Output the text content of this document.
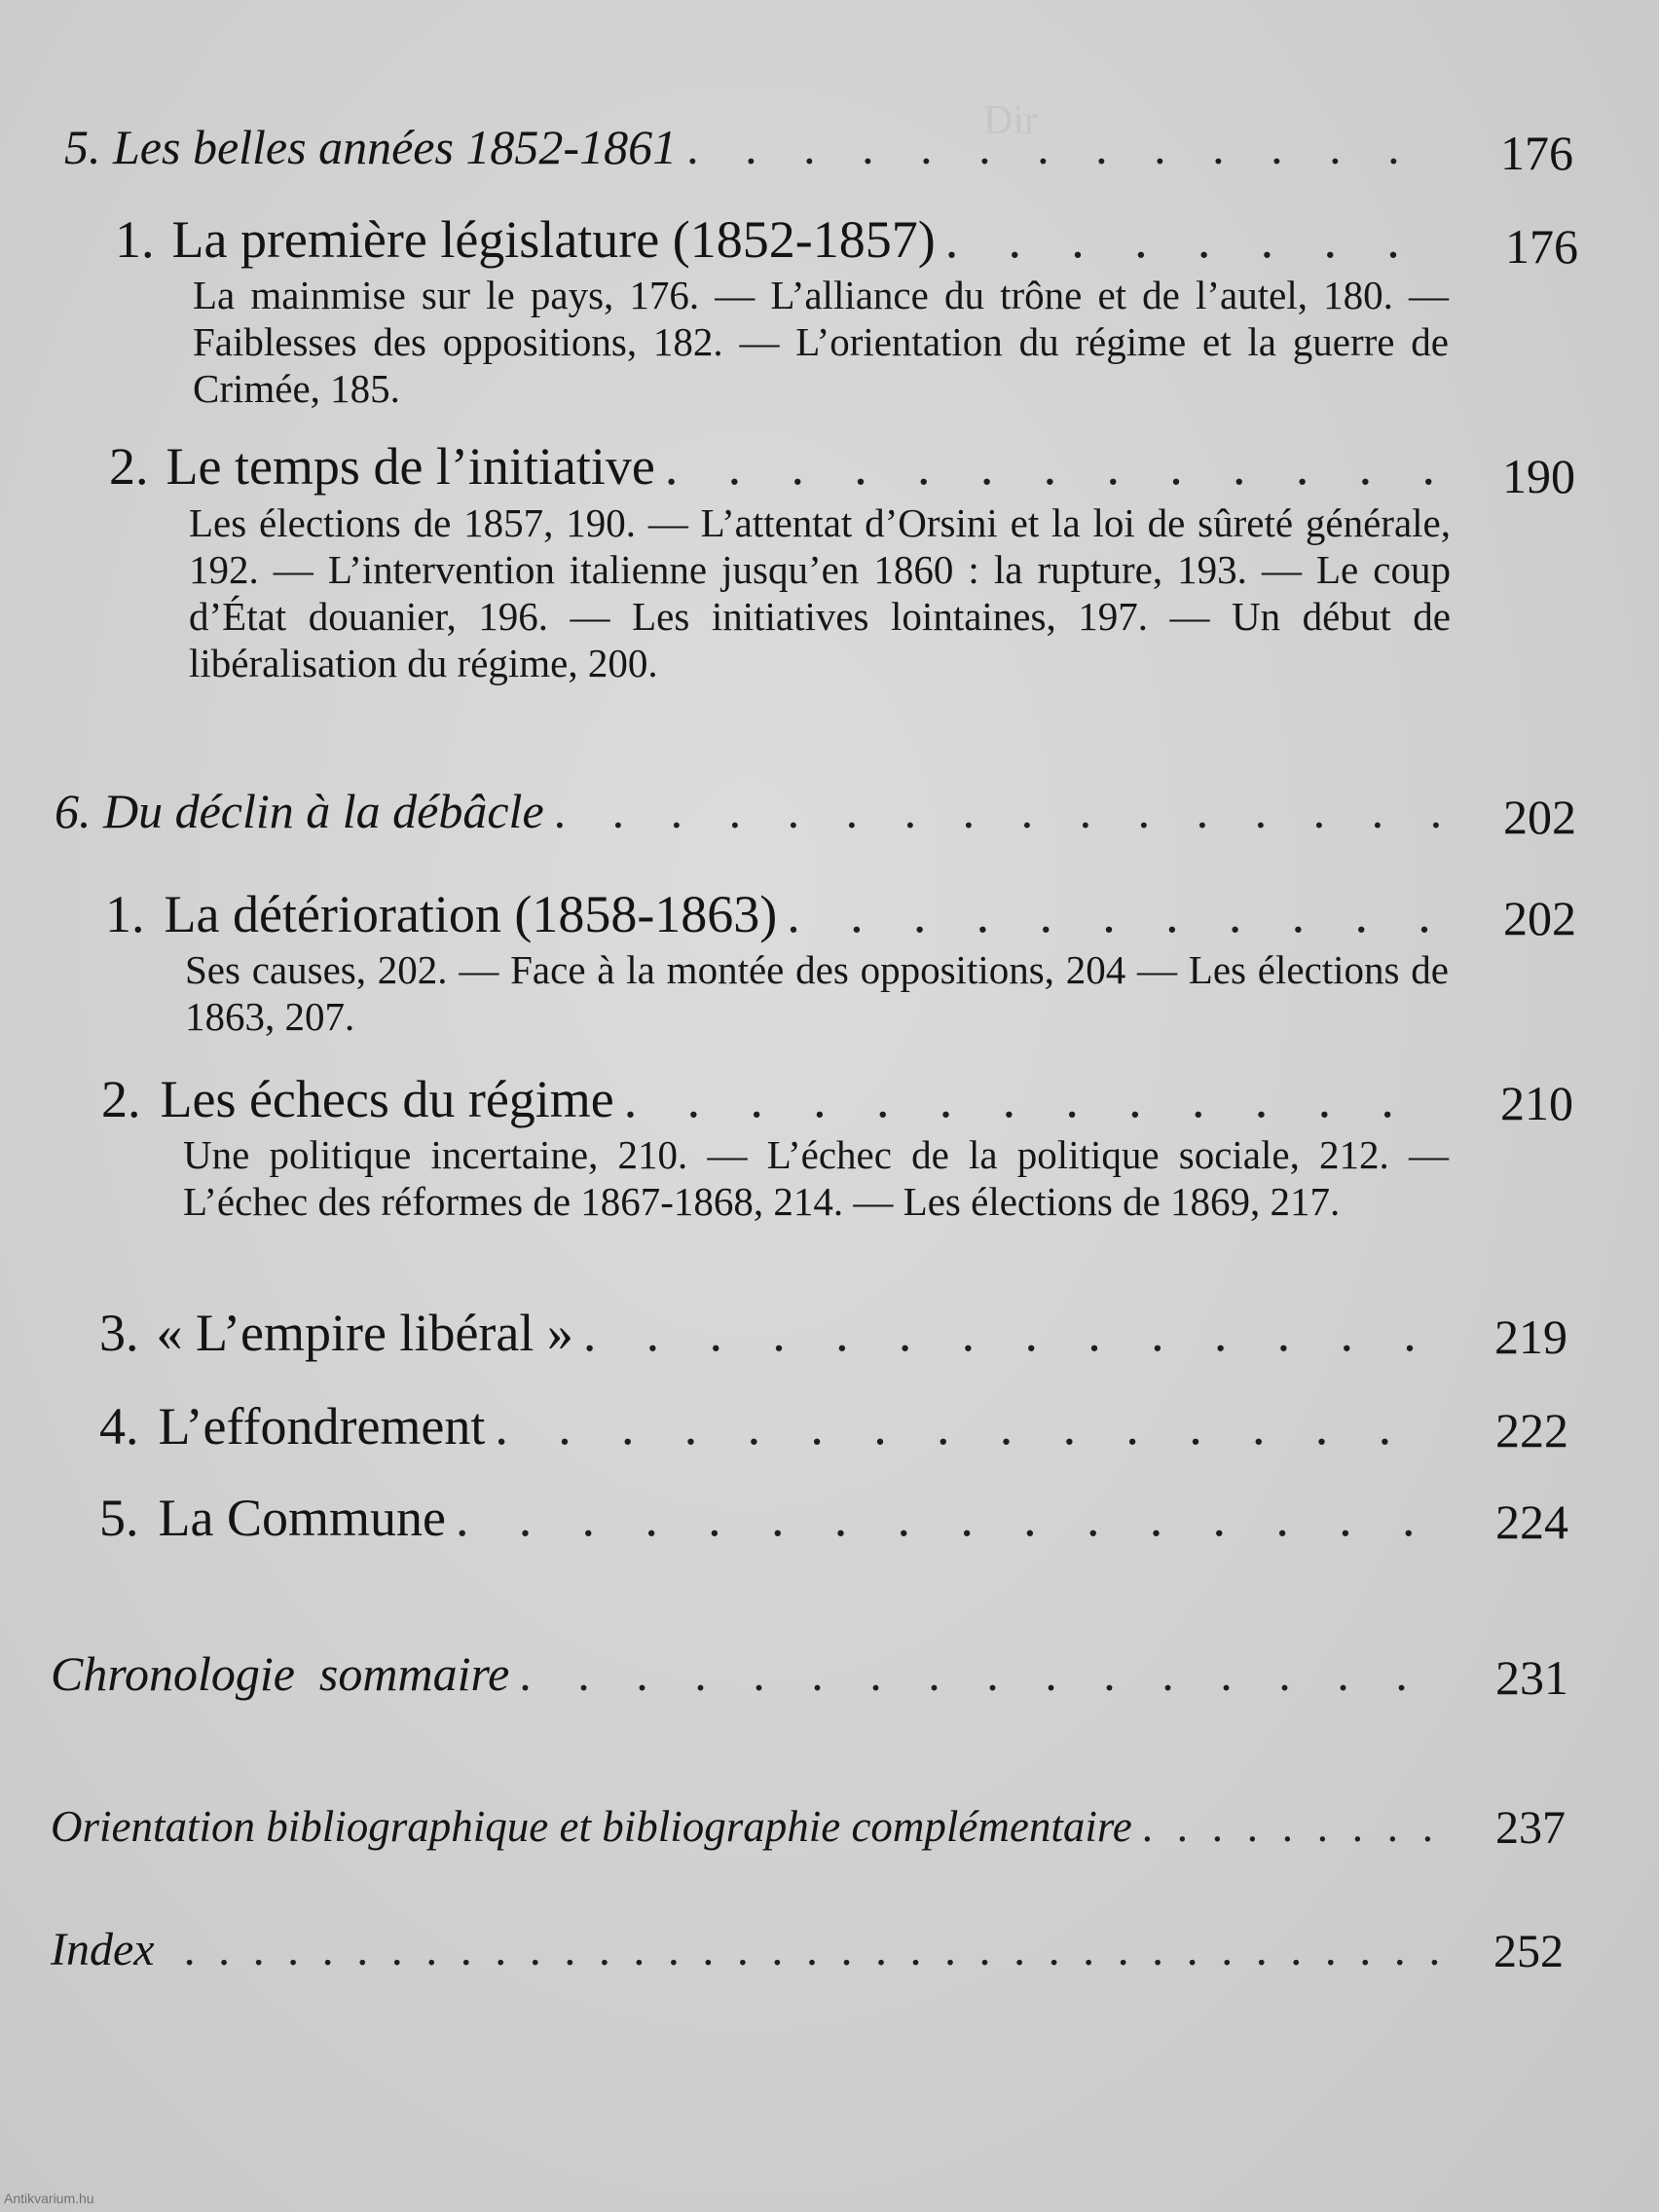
Dir
5. Les belles années 1852-1861 . . .	176
1. La première législature (1852-1857) . . .	176
La mainmise sur le pays, 176. — L’alliance du trône et de l’autel, 180. — Faiblesses des oppositions, 182. — L’orientation du régime et la guerre de Crimée, 185.
2. Le temps de l’initiative . . .	190
Les élections de 1857, 190. — L’attentat d’Orsini et la loi de sûreté générale, 192. — L’intervention italienne jusqu’en 1860 : la rupture, 193. — Le coup d’État douanier, 196. — Les initiatives lointaines, 197. — Un début de libéralisation du régime, 200.
6. Du déclin à la débâcle . . .	202
1. La détérioration (1858-1863) . . .	202
Ses causes, 202. — Face à la montée des oppositions, 204 — Les élections de 1863, 207.
2. Les échecs du régime . . .	210
Une politique incertaine, 210. — L’échec de la politique sociale, 212. — L’échec des réformes de 1867-1868, 214. — Les élections de 1869, 217.
3. « L’empire libéral » . . .	219
4. L’effondrement . . .	222
5. La Commune . . .	224
Chronologie  sommaire . . .	231
Orientation bibliographique et bibliographie complémentaire . . .	237
Index . . .	252
Antikvarium.hu
